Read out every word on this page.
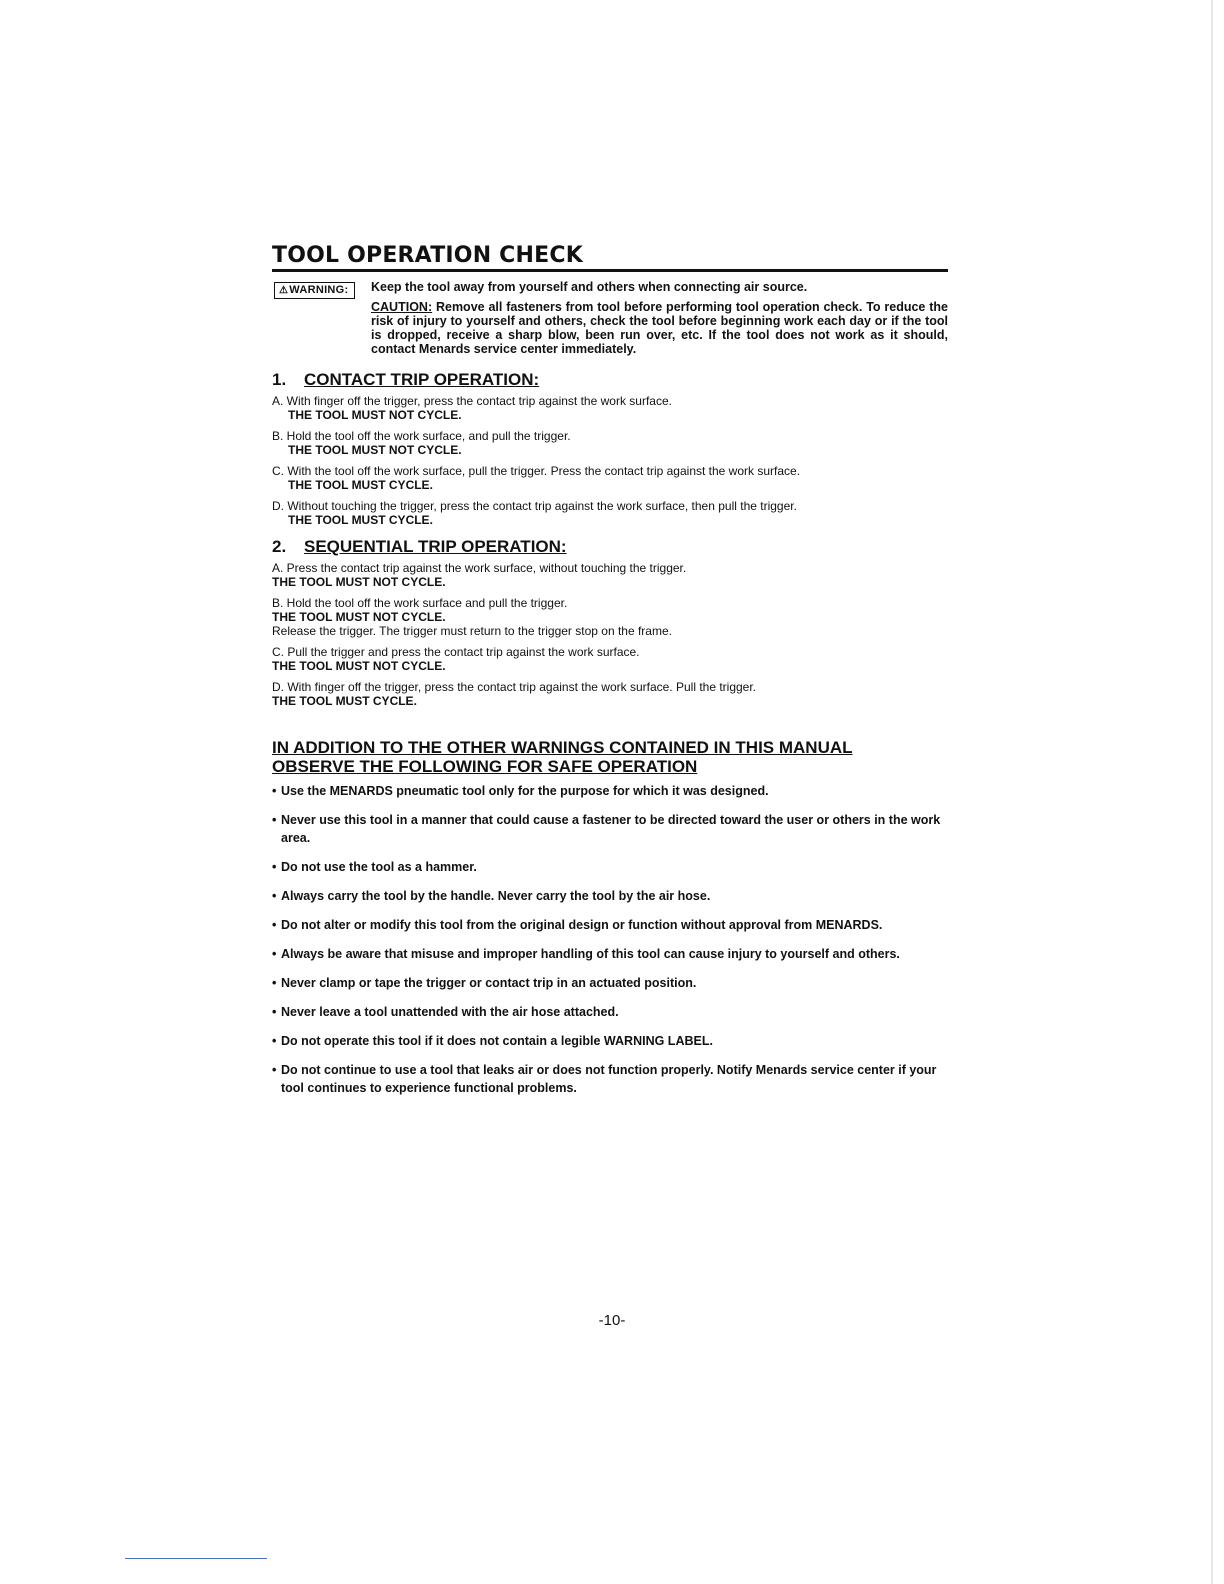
TOOL OPERATION CHECK
⚠WARNING:	Keep the tool away from yourself and others when connecting air source.

CAUTION: Remove all fasteners from tool before performing tool operation check. To reduce the risk of injury to yourself and others, check the tool before beginning work each day or if the tool is dropped, receive a sharp blow, been run over, etc. If the tool does not work as it should, contact Menards service center immediately.

1. CONTACT TRIP OPERATION:
A. With finger off the trigger, press the contact trip against the work surface.
THE TOOL MUST NOT CYCLE.
B. Hold the tool off the work surface, and pull the trigger.
THE TOOL MUST NOT CYCLE.
C. With the tool off the work surface, pull the trigger. Press the contact trip against the work surface.
THE TOOL MUST CYCLE.
D. Without touching the trigger, press the contact trip against the work surface, then pull the trigger.
THE TOOL MUST CYCLE.
2. SEQUENTIAL TRIP OPERATION:
A. Press the contact trip against the work surface, without touching the trigger.
THE TOOL MUST NOT CYCLE.
B. Hold the tool off the work surface and pull the trigger.
THE TOOL MUST NOT CYCLE.
Release the trigger. The trigger must return to the trigger stop on the frame.
C. Pull the trigger and press the contact trip against the work surface.
THE TOOL MUST NOT CYCLE.
D. With finger off the trigger, press the contact trip against the work surface. Pull the trigger.
THE TOOL MUST CYCLE.
IN ADDITION TO THE OTHER WARNINGS CONTAINED IN THIS MANUAL
OBSERVE THE FOLLOWING FOR SAFE OPERATION
• Use the MENARDS pneumatic tool only for the purpose for which it was designed.
• Never use this tool in a manner that could cause a fastener to be directed toward the user or others in the work area.
• Do not use the tool as a hammer.
• Always carry the tool by the handle. Never carry the tool by the air hose.
• Do not alter or modify this tool from the original design or function without approval from MENARDS.
• Always be aware that misuse and improper handling of this tool can cause injury to yourself and others.
• Never clamp or tape the trigger or contact trip in an actuated position.
• Never leave a tool unattended with the air hose attached.
• Do not operate this tool if it does not contain a legible WARNING LABEL.
• Do not continue to use a tool that leaks air or does not function properly. Notify Menards service center if your tool continues to experience functional problems.
-10-
